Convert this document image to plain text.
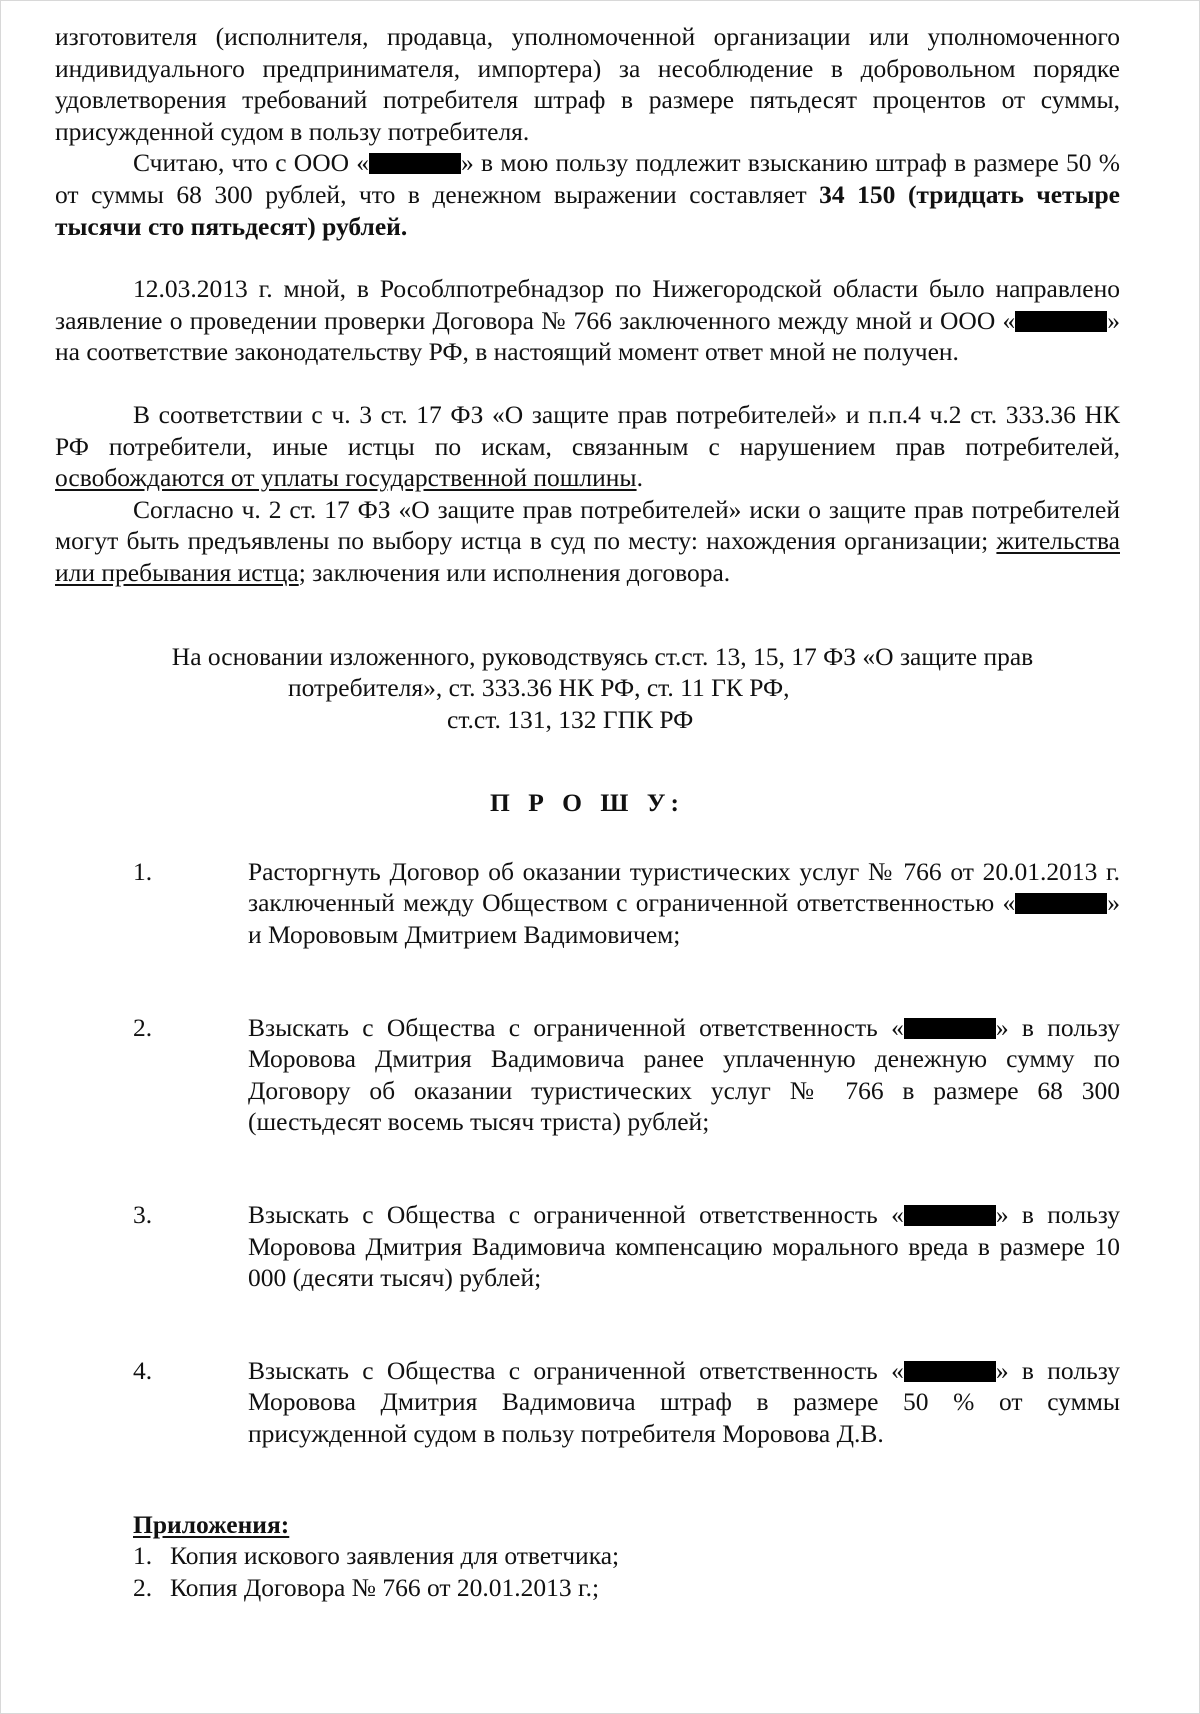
изготовителя (исполнителя, продавца, уполномоченной организации или уполномоченного индивидуального предпринимателя, импортера) за несоблюдение в добровольном порядке удовлетворения требований потребителя штраф в размере пятьдесят процентов от суммы, присужденной судом в пользу потребителя.

Считаю, что с ООО «	» в мою пользу подлежит взысканию штраф в размере 50 % от суммы 68 300 рублей, что в денежном выражении составляет 34 150 (тридцать четыре тысячи сто пятьдесят) рублей.

12.03.2013 г. мной, в Рособлпотребнадзор по Нижегородской области было направлено заявление о проведении проверки Договора № 766 заключенного между мной и ООО «	» на соответствие законодательству РФ, в настоящий момент ответ мной не получен.

В соответствии с ч. 3 ст. 17 ФЗ «О защите прав потребителей» и п.п.4 ч.2 ст. 333.36 НК РФ потребители, иные истцы по искам, связанным с нарушением прав потребителей, освобождаются от уплаты государственной пошлины.

Согласно ч. 2 ст. 17 ФЗ «О защите прав потребителей» иски о защите прав потребителей могут быть предъявлены по выбору истца в суд по месту: нахождения организации; жительства или пребывания истца; заключения или исполнения договора.

На основании изложенного, руководствуясь ст.ст. 13, 15, 17 ФЗ «О защите прав
потребителя», ст. 333.36 НК РФ, ст. 11 ГК РФ,
ст.ст. 131, 132 ГПК РФ
П Р О Ш У:
1.	Расторгнуть Договор об оказании туристических услуг № 766 от 20.01.2013 г. заключенный между Обществом с ограниченной ответственностью «	» и Морововым Дмитрием Вадимовичем;

2.	Взыскать с Общества с ограниченной ответственность «	» в пользу Моровова Дмитрия Вадимовича ранее уплаченную денежную сумму по Договору об оказании туристических услуг № 766 в размере 68 300 (шестьдесят восемь тысяч триста) рублей;

3.	Взыскать с Общества с ограниченной ответственность «	» в пользу Моровова Дмитрия Вадимовича компенсацию морального вреда в размере 10 000 (десяти тысяч) рублей;

4.	Взыскать с Общества с ограниченной ответственность «	» в пользу Моровова Дмитрия Вадимовича штраф в размере 50 % от суммы присужденной судом в пользу потребителя Моровова Д.В.

Приложения:
1. Копия искового заявления для ответчика;
2. Копия Договора № 766 от 20.01.2013 г.;
